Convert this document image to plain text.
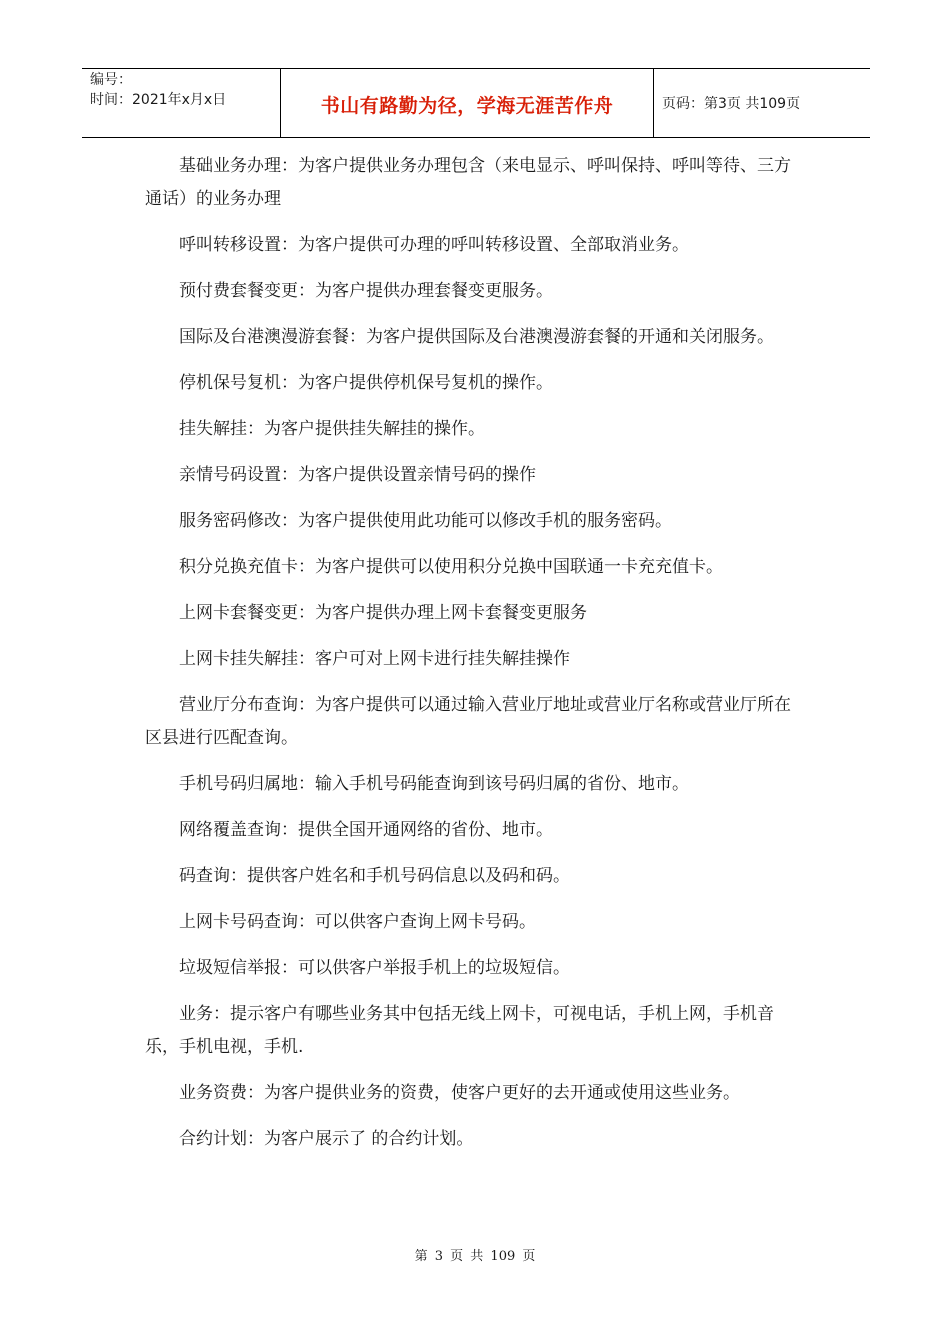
编号：
时间：2021年x月x日	书山有路勤为径，学海无涯苦作舟	页码：第3页 共109页

基础业务办理：为客户提供业务办理包含（来电显示、呼叫保持、呼叫等待、三方通话）的业务办理

呼叫转移设置：为客户提供可办理的呼叫转移设置、全部取消业务。

预付费套餐变更：为客户提供办理套餐变更服务。

国际及台港澳漫游套餐：为客户提供国际及台港澳漫游套餐的开通和关闭服务。

停机保号复机：为客户提供停机保号复机的操作。

挂失解挂：为客户提供挂失解挂的操作。

亲情号码设置：为客户提供设置亲情号码的操作

服务密码修改：为客户提供使用此功能可以修改手机的服务密码。

积分兑换充值卡：为客户提供可以使用积分兑换中国联通一卡充充值卡。

上网卡套餐变更：为客户提供办理上网卡套餐变更服务

上网卡挂失解挂：客户可对上网卡进行挂失解挂操作

营业厅分布查询：为客户提供可以通过输入营业厅地址或营业厅名称或营业厅所在区县进行匹配查询。

手机号码归属地：输入手机号码能查询到该号码归属的省份、地市。

网络覆盖查询：提供全国开通网络的省份、地市。

码查询：提供客户姓名和手机号码信息以及码和码。

上网卡号码查询：可以供客户查询上网卡号码。

垃圾短信举报：可以供客户举报手机上的垃圾短信。

业务：提示客户有哪些业务其中包括无线上网卡，可视电话，手机上网，手机音乐，手机电视，手机.

业务资费：为客户提供业务的资费，使客户更好的去开通或使用这些业务。

合约计划：为客户展示了 的合约计划。

第 3 页 共 109 页
